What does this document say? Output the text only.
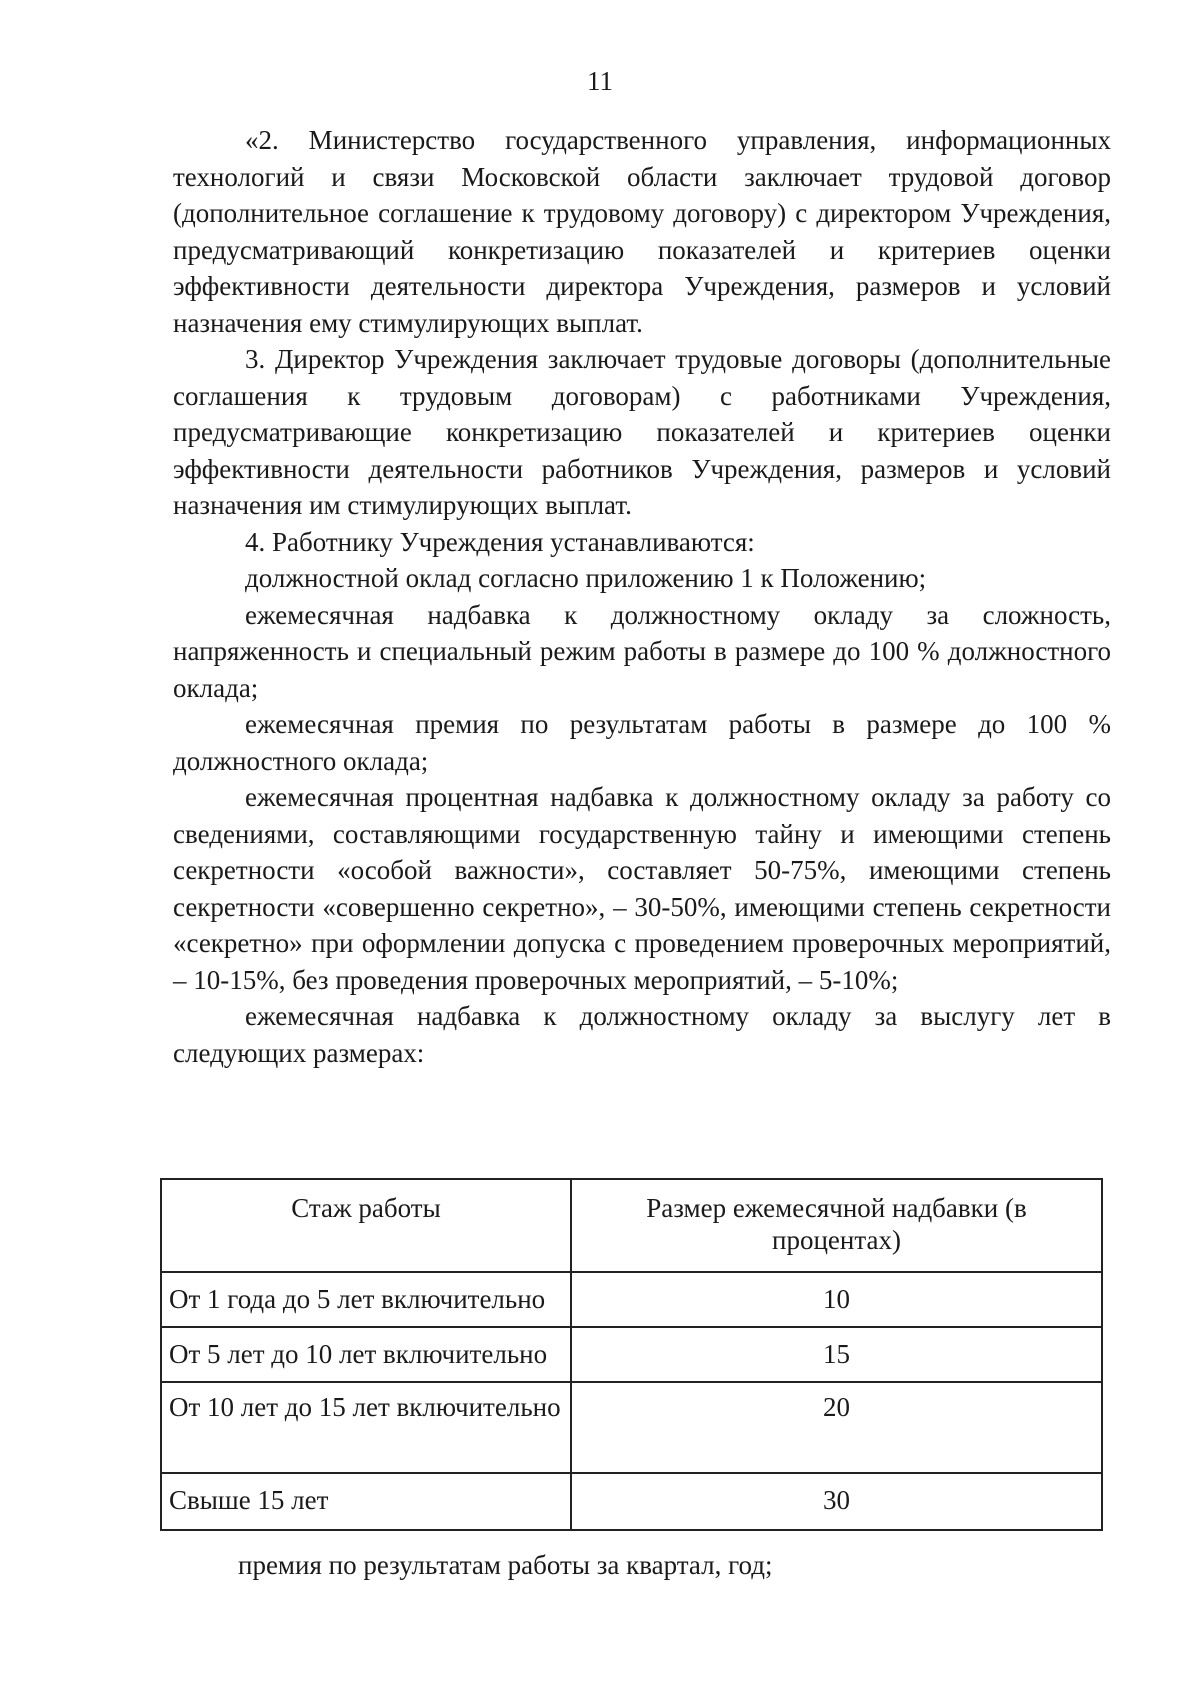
11

«2. Министерство государственного управления, информационных технологий и связи Московской области заключает трудовой договор (дополнительное соглашение к трудовому договору) с директором Учреждения, предусматривающий конкретизацию показателей и критериев оценки эффективности деятельности директора Учреждения, размеров и условий назначения ему стимулирующих выплат.

3. Директор Учреждения заключает трудовые договоры (дополнительные соглашения к трудовым договорам) с работниками Учреждения, предусматривающие конкретизацию показателей и критериев оценки эффективности деятельности работников Учреждения, размеров и условий назначения им стимулирующих выплат.

4. Работнику Учреждения устанавливаются:

должностной оклад согласно приложению 1 к Положению;

ежемесячная надбавка к должностному окладу за сложность, напряженность и специальный режим работы в размере до 100 % должностного оклада;

ежемесячная премия по результатам работы в размере до 100 % должностного оклада;

ежемесячная процентная надбавка к должностному окладу за работу со сведениями, составляющими государственную тайну и имеющими степень секретности «особой важности», составляет 50-75%, имеющими степень секретности «совершенно секретно», – 30-50%, имеющими степень секретности «секретно» при оформлении допуска с проведением проверочных мероприятий, – 10-15%, без проведения проверочных мероприятий, – 5-10%;

ежемесячная надбавка к должностному окладу за выслугу лет в следующих размерах:

Стаж работы	Размер ежемесячной надбавки (в процентах)
От 1 года до 5 лет включительно	10
От 5 лет до 10 лет включительно	15
От 10 лет до 15 лет включительно	20
Свыше 15 лет	30
премия по результатам работы за квартал, год;
